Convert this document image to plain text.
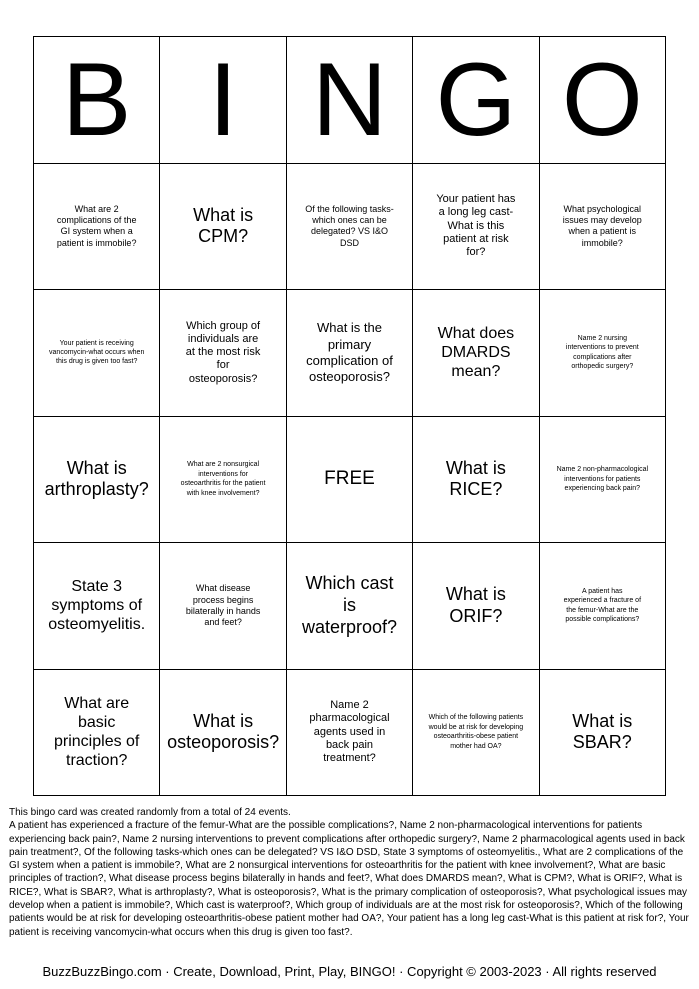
B I N G O
What are 2 complications of the GI system when a patient is immobile?
What is CPM?
Of the following tasks-which ones can be delegated? VS I&O DSD
Your patient has a long leg cast-What is this patient at risk for?
What psychological issues may develop when a patient is immobile?
Your patient is receiving vancomycin-what occurs when this drug is given too fast?
Which group of individuals are at the most risk for osteoporosis?
What is the primary complication of osteoporosis?
What does DMARDS mean?
Name 2 nursing interventions to prevent complications after orthopedic surgery?
What is arthroplasty?
What are 2 nonsurgical interventions for osteoarthritis for the patient with knee involvement?
FREE
What is RICE?
Name 2 non-pharmacological interventions for patients experiencing back pain?
State 3 symptoms of osteomyelitis.
What disease process begins bilaterally in hands and feet?
Which cast is waterproof?
What is ORIF?
A patient has experienced a fracture of the femur-What are the possible complications?
What are basic principles of traction?
What is osteoporosis?
Name 2 pharmacological agents used in back pain treatment?
Which of the following patients would be at risk for developing osteoarthritis-obese patient mother had OA?
What is SBAR?

This bingo card was created randomly from a total of 24 events.

A patient has experienced a fracture of the femur-What are the possible complications?, Name 2 non-pharmacological interventions for patients experiencing back pain?, Name 2 nursing interventions to prevent complications after orthopedic surgery?, Name 2 pharmacological agents used in back pain treatment?, Of the following tasks-which ones can be delegated? VS I&O DSD, State 3 symptoms of osteomyelitis., What are 2 complications of the GI system when a patient is immobile?, What are 2 nonsurgical interventions for osteoarthritis for the patient with knee involvement?, What are basic principles of traction?, What disease process begins bilaterally in hands and feet?, What does DMARDS mean?, What is CPM?, What is ORIF?, What is RICE?, What is SBAR?, What is arthroplasty?, What is osteoporosis?, What is the primary complication of osteoporosis?, What psychological issues may develop when a patient is immobile?, Which cast is waterproof?, Which group of individuals are at the most risk for osteoporosis?, Which of the following patients would be at risk for developing osteoarthritis-obese patient mother had OA?, Your patient has a long leg cast-What is this patient at risk for?, Your patient is receiving vancomycin-what occurs when this drug is given too fast?.

BuzzBuzzBingo.com · Create, Download, Print, Play, BINGO! · Copyright © 2003-2023 · All rights reserved
